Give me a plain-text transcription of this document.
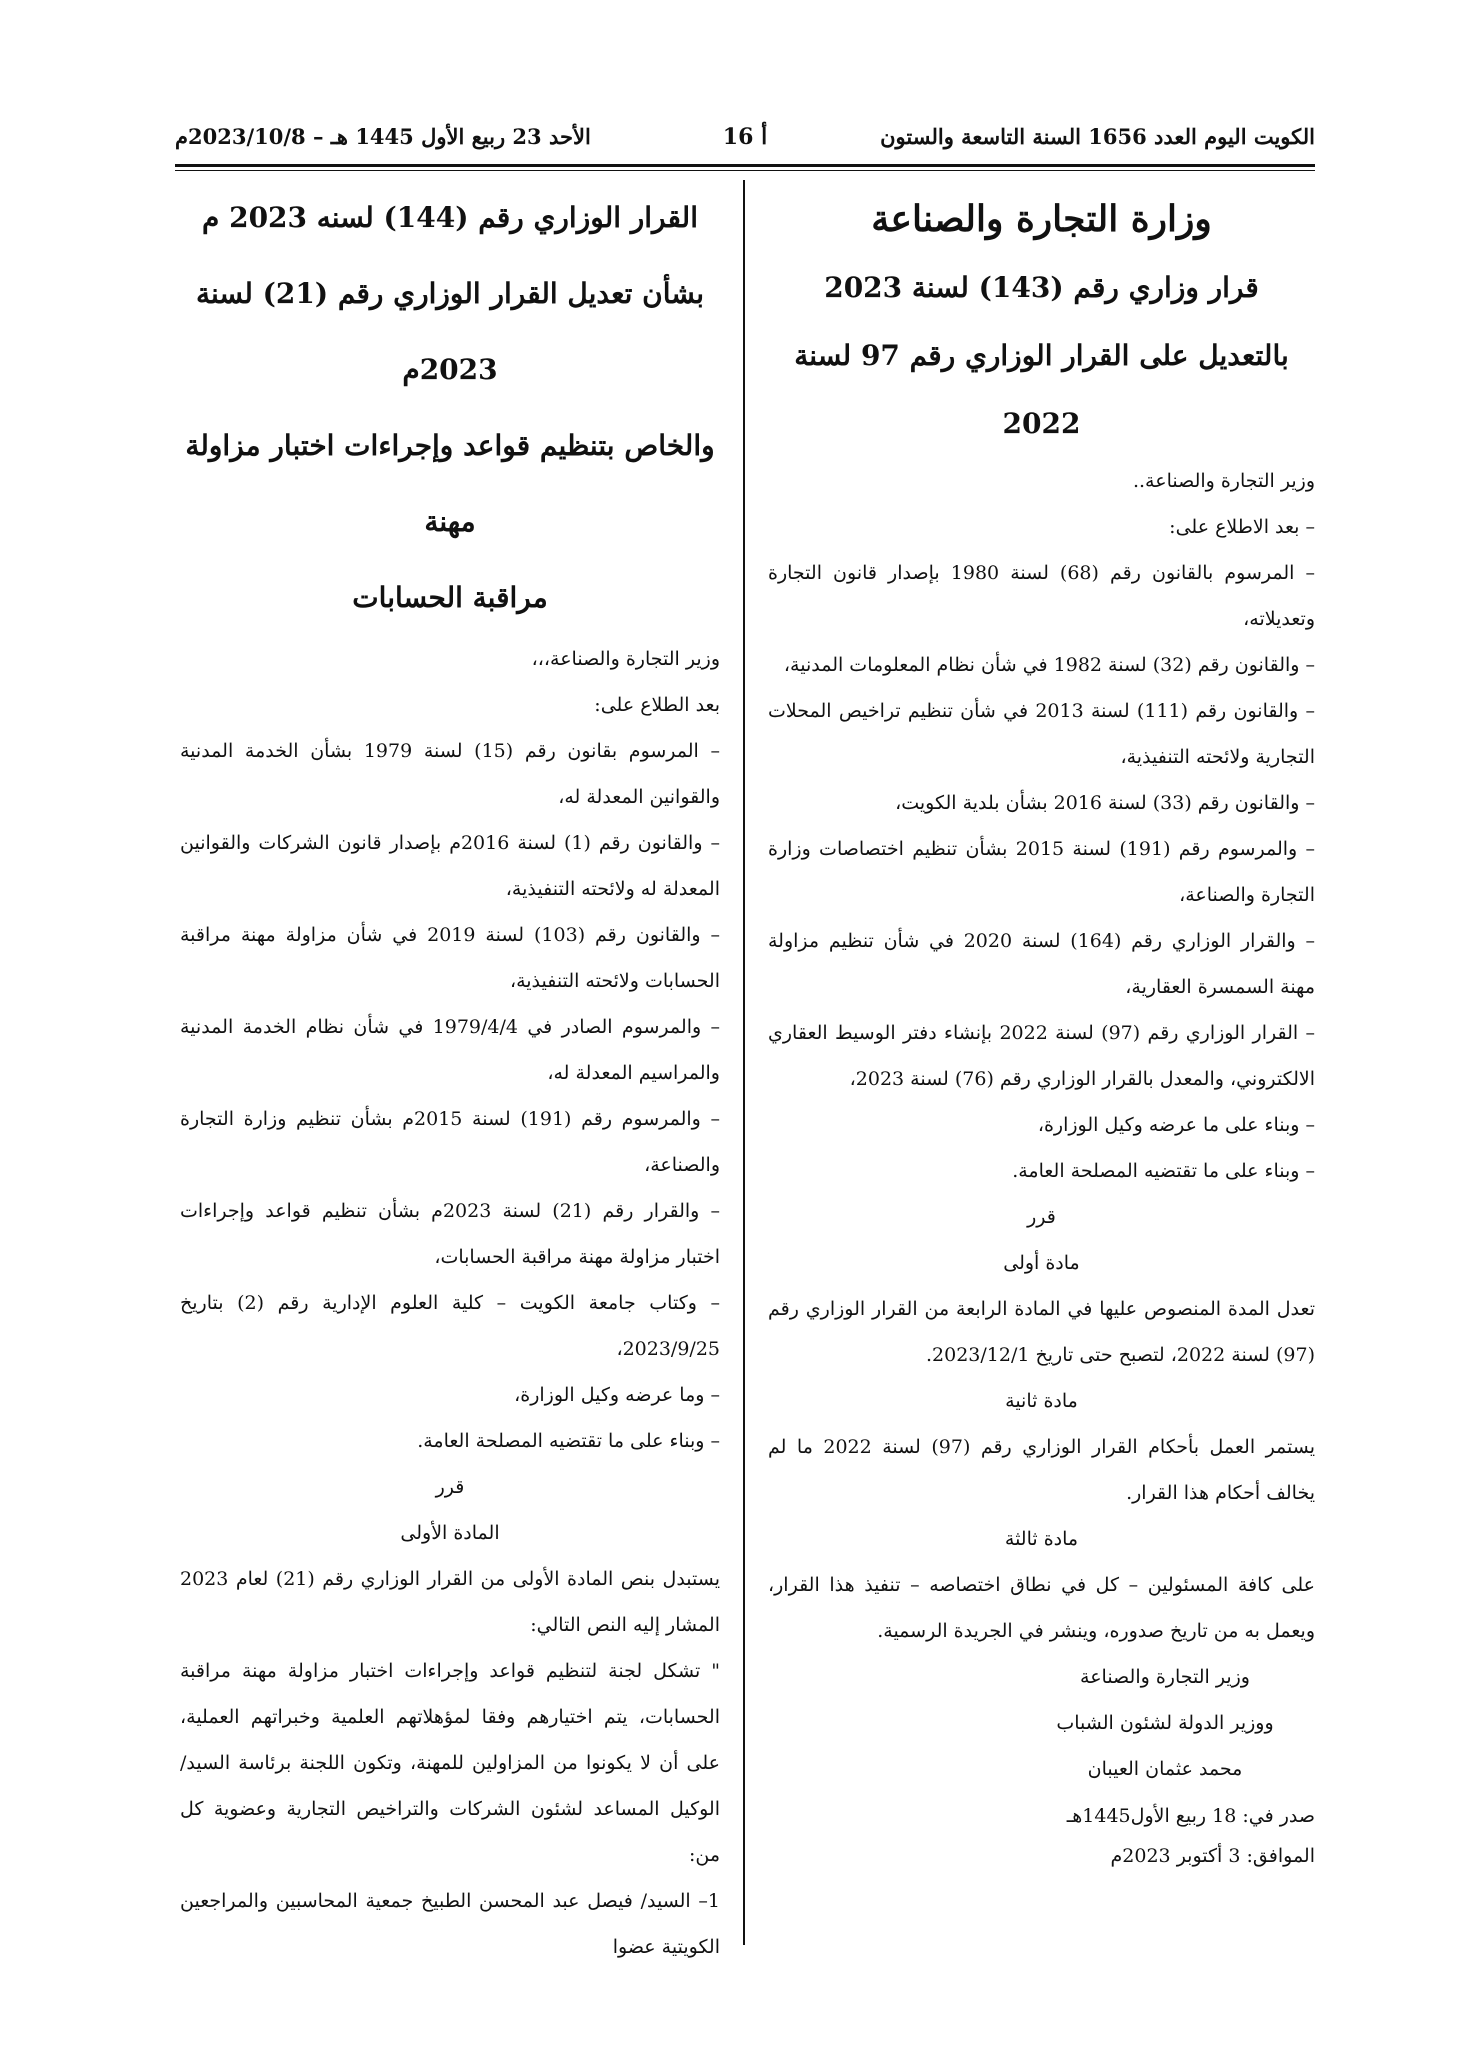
الكويت اليوم العدد 1656 السنة التاسعة والستون
أ 16
الأحد 23 ربيع الأول 1445 هـ – 2023/10/8م
وزارة التجارة والصناعة
قرار وزاري رقم (143) لسنة 2023
بالتعديل على القرار الوزاري رقم 97 لسنة 2022
وزير التجارة والصناعة..
– بعد الاطلاع على:
– المرسوم بالقانون رقم (68) لسنة 1980 بإصدار قانون التجارة وتعديلاته،
– والقانون رقم (32) لسنة 1982 في شأن نظام المعلومات المدنية،
– والقانون رقم (111) لسنة 2013 في شأن تنظيم تراخيص المحلات التجارية ولائحته التنفيذية،
– والقانون رقم (33) لسنة 2016 بشأن بلدية الكويت،
– والمرسوم رقم (191) لسنة 2015 بشأن تنظيم اختصاصات وزارة التجارة والصناعة،
– والقرار الوزاري رقم (164) لسنة 2020 في شأن تنظيم مزاولة مهنة السمسرة العقارية،
– القرار الوزاري رقم (97) لسنة 2022 بإنشاء دفتر الوسيط العقاري الالكتروني، والمعدل بالقرار الوزاري رقم (76) لسنة 2023،
– وبناء على ما عرضه وكيل الوزارة،
– وبناء على ما تقتضيه المصلحة العامة.
قرر
مادة أولى
تعدل المدة المنصوص عليها في المادة الرابعة من القرار الوزاري رقم (97) لسنة 2022، لتصبح حتى تاريخ 2023/12/1.
مادة ثانية
يستمر العمل بأحكام القرار الوزاري رقم (97) لسنة 2022 ما لم يخالف أحكام هذا القرار.
مادة ثالثة
على كافة المسئولين – كل في نطاق اختصاصه – تنفيذ هذا القرار، ويعمل به من تاريخ صدوره، وينشر في الجريدة الرسمية.
وزير التجارة والصناعة
ووزير الدولة لشئون الشباب
محمد عثمان العيبان
صدر في: 18 ربيع الأول1445هـ
الموافق: 3 أكتوبر 2023م
القرار الوزاري رقم (144) لسنه 2023 م
بشأن تعديل القرار الوزاري رقم (21) لسنة 2023م
والخاص بتنظيم قواعد وإجراءات اختبار مزاولة مهنة
مراقبة الحسابات
وزير التجارة والصناعة،،،
بعد الطلاع على:
– المرسوم بقانون رقم (15) لسنة 1979 بشأن الخدمة المدنية والقوانين المعدلة له،
– والقانون رقم (1) لسنة 2016م بإصدار قانون الشركات والقوانين المعدلة له ولائحته التنفيذية،
– والقانون رقم (103) لسنة 2019 في شأن مزاولة مهنة مراقبة الحسابات ولائحته التنفيذية،
– والمرسوم الصادر في 1979/4/4 في شأن نظام الخدمة المدنية والمراسيم المعدلة له،
– والمرسوم رقم (191) لسنة 2015م بشأن تنظيم وزارة التجارة والصناعة،
– والقرار رقم (21) لسنة 2023م بشأن تنظيم قواعد وإجراءات اختبار مزاولة مهنة مراقبة الحسابات،
– وكتاب جامعة الكويت – كلية العلوم الإدارية رقم (2) بتاريخ 2023/9/25،
– وما عرضه وكيل الوزارة،
– وبناء على ما تقتضيه المصلحة العامة.
قرر
المادة الأولى
يستبدل بنص المادة الأولى من القرار الوزاري رقم (21) لعام 2023 المشار إليه النص التالي:
" تشكل لجنة لتنظيم قواعد وإجراءات اختبار مزاولة مهنة مراقبة الحسابات، يتم اختيارهم وفقا لمؤهلاتهم العلمية وخبراتهم العملية، على أن لا يكونوا من المزاولين للمهنة، وتكون اللجنة برئاسة السيد/ الوكيل المساعد لشئون الشركات والتراخيص التجارية وعضوية كل من:
1– السيد/ فيصل عبد المحسن الطبيخ جمعية المحاسبين والمراجعين الكويتية عضوا
